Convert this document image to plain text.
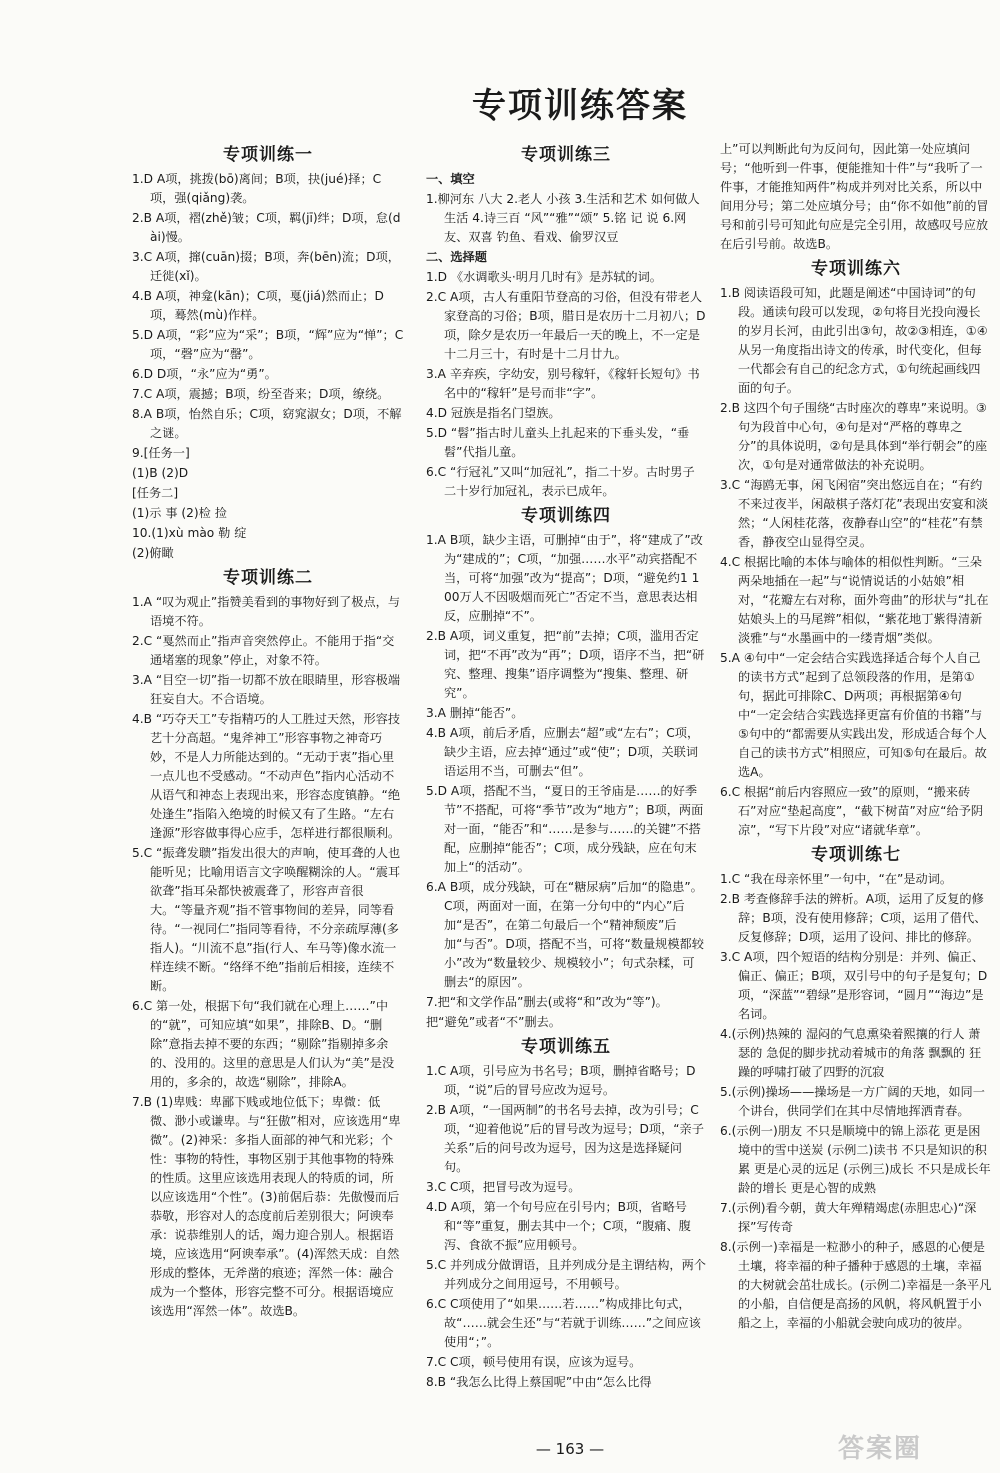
专项训练答案
专项训练一
1.D A项，挑拨(bō)离间；B项，抉(jué)择；C项，强(qiǎng)袭。
2.B A项，褶(zhě)皱；C项，羁(jī)绊；D项，怠(dài)慢。
3.C A项，撺(cuān)掇；B项，奔(bēn)流；D项，迁徙(xǐ)。
4.B A项，神龛(kān)；C项，戛(jiá)然而止；D项，蓦然(mù)作样。
5.D A项，“彩”应为“采”；B项，“辉”应为“惮”；C项，“磬”应为“罄”。
6.D D项，“永”应为“勇”。
7.C A项，震撼；B项，纷至沓来；D项，缭绕。
8.A B项，怡然自乐；C项，窈窕淑女；D项，不解之谜。
9.[任务一]
(1)B (2)D
[任务二]
(1)示 事 (2)检 捡
10.(1)xù mào 勒 绽
(2)俯瞰
专项训练二
1.A “叹为观止”指赞美看到的事物好到了极点，与语境不符。
2.C “戛然而止”指声音突然停止。不能用于指“交通堵塞的现象”停止，对象不符。
3.A “目空一切”指一切都不放在眼睛里，形容极端狂妄自大。不合语境。
4.B “巧夺天工”专指精巧的人工胜过天然，形容技艺十分高超。“鬼斧神工”形容事物之神奇巧妙，不是人力所能达到的。“无动于衷”指心里一点儿也不受感动。“不动声色”指内心活动不从语气和神态上表现出来，形容态度镇静。“绝处逢生”指陷入绝境的时候又有了生路。“左右逢源”形容做事得心应手，怎样进行都很顺利。
5.C “振聋发聩”指发出很大的声响，使耳聋的人也能听见；比喻用语言文字唤醒糊涂的人。“震耳欲聋”指耳朵都快被震聋了，形容声音很大。“等量齐观”指不管事物间的差异，同等看待。“一视同仁”指同等看待，不分亲疏厚薄(多指人)。“川流不息”指(行人、车马等)像水流一样连续不断。“络绎不绝”指前后相接，连续不断。
6.C 第一处，根据下句“我们就在心理上……”中的“就”，可知应填“如果”，排除B、D。“删除”意指去掉不要的东西；“剔除”指剔掉多余的、没用的。这里的意思是人们认为“美”是没用的，多余的，故选“剔除”，排除A。
7.B (1)卑贱：卑鄙下贱或地位低下；卑微：低微、渺小或谦卑。与“狂傲”相对，应该选用“卑微”。(2)神采：多指人面部的神气和光彩；个性：事物的特性，事物区别于其他事物的特殊的性质。这里应该选用表现人的特质的词，所以应该选用“个性”。(3)前倨后恭：先傲慢而后恭敬，形容对人的态度前后差别很大；阿谀奉承：说恭维别人的话，竭力迎合别人。根据语境，应该选用“阿谀奉承”。(4)浑然天成：自然形成的整体，无斧凿的痕迹；浑然一体：融合成为一个整体，形容完整不可分。根据语境应该选用“浑然一体”。故选B。
专项训练三
一、填空
1.柳河东 八大 2.老人 小孩 3.生活和艺术 如何做人 生活 4.诗三百 “风”“雅”“颂” 5.铭 记 说 6.网友、双喜 钓鱼、看戏、偷罗汉豆
二、选择题
1.D 《水调歌头·明月几时有》是苏轼的词。
2.C A项，古人有重阳节登高的习俗，但没有带老人家登高的习俗；B项，腊日是农历十二月初八；D项，除夕是农历一年最后一天的晚上，不一定是十二月三十，有时是十二月廿九。
3.A 辛弃疾，字幼安，别号稼轩，《稼轩长短句》书名中的“稼轩”是号而非“字”。
4.D 冠族是指名门望族。
5.D “髫”指古时儿童头上扎起来的下垂头发，“垂髫”代指儿童。
6.C “行冠礼”又叫“加冠礼”，指二十岁。古时男子二十岁行加冠礼，表示已成年。
专项训练四
1.A B项，缺少主语，可删掉“由于”，将“建成了”改为“建成的”；C项，“加强……水平”动宾搭配不当，可将“加强”改为“提高”；D项，“避免约1 100万人不因吸烟而死亡”否定不当，意思表达相反，应删掉“不”。
2.B A项，词义重复，把“前”去掉；C项，滥用否定词，把“不再”改为“再”；D项，语序不当，把“研究、整理、搜集”语序调整为“搜集、整理、研究”。
3.A 删掉“能否”。
4.B A项，前后矛盾，应删去“超”或“左右”；C项，缺少主语，应去掉“通过”或“使”；D项，关联词语运用不当，可删去“但”。
5.D A项，搭配不当，“夏日的王爷庙是……的好季节”不搭配，可将“季节”改为“地方”；B项，两面对一面，“能否”和“……是参与……的关键”不搭配，应删掉“能否”；C项，成分残缺，应在句末加上“的活动”。
6.A B项，成分残缺，可在“糖尿病”后加“的隐患”。C项，两面对一面，在第一分句中的“内心”后加“是否”，在第二句最后一个“精神颓废”后加“与否”。D项，搭配不当，可将“数量规模都较小”改为“数量较少、规模较小”；句式杂糅，可删去“的原因”。
7.把“和文学作品”删去(或将“和”改为“等”)。
把“避免”或者“不”删去。
专项训练五
1.C A项，引号应为书名号；B项，删掉省略号；D项，“说”后的冒号应改为逗号。
2.B A项，“一国两制”的书名号去掉，改为引号；C项，“迎着他说”后的冒号改为逗号；D项，“亲子关系”后的问号改为逗号，因为这是选择疑问句。
3.C C项，把冒号改为逗号。
4.D A项，第一个句号应在引号内；B项，省略号和“等”重复，删去其中一个；C项，“腹痛、腹泻、食欲不振”应用顿号。
5.C 并列成分做谓语，且并列成分是主谓结构，两个并列成分之间用逗号，不用顿号。
6.C C项使用了“如果……若……”构成排比句式，故“……就会生还”与“若就于训练……”之间应该使用“；”。
7.C C项，顿号使用有误，应该为逗号。
8.B “我怎么比得上蔡国呢”中由“怎么比得
上”可以判断此句为反问句，因此第一处应填问号；“他听到一件事，便能推知十件”与“我听了一件事，才能推知两件”构成并列对比关系，所以中间用分号；第二处应填分号；由“你不如他”前的冒号和前引号可知此句应是完全引用，故感叹号应放在后引号前。故选B。
专项训练六
1.B 阅读语段可知，此题是阐述“中国诗词”的句段。通读句段可以发现，②句将目光投向漫长的岁月长河，由此引出③句，故②③相连，①④从另一角度指出诗文的传承，时代变化，但每一代都会有自己的纪念方式，①句统起画线四面的句子。
2.B 这四个句子围绕“古时座次的尊卑”来说明。③句为段首中心句，④句是对“严格的尊卑之分”的具体说明，②句是具体到“举行朝会”的座次，①句是对通常做法的补充说明。
3.C “海鸥无事，闲飞闲宿”突出悠远自在；“有约不来过夜半，闲敲棋子落灯花”表现出安宴和淡然；“人闲桂花落，夜静春山空”的“桂花”有禁香，静夜空山显得空灵。
4.C 根据比喻的本体与喻体的相似性判断。“三朵两朵地插在一起”与“说情说话的小姑娘”相对，“花瓣左右对称，面外弯曲”的形状与“扎在姑娘头上的马尾辫”相似，“紫花地丁紫得清新淡雅”与“水墨画中的一缕青烟”类似。
5.A ④句中“一定会结合实践选择适合每个人自己的读书方式”起到了总领段落的作用，是第①句，据此可排除C、D两项；再根据第④句中“一定会结合实践选择更富有价值的书籍”与⑤句中的“都需要从实践出发，形成适合每个人自己的读书方式”相照应，可知⑤句在最后。故选A。
6.C 根据“前后内容照应一致”的原则，“搬来砖石”对应“垫起高度”，“截下树苗”对应“给予阴凉”，“写下片段”对应“诸就华章”。
专项训练七
1.C “我在母亲怀里”一句中，“在”是动词。
2.B 考查修辞手法的辨析。A项，运用了反复的修辞；B项，没有使用修辞；C项，运用了借代、反复修辞；D项，运用了设问、排比的修辞。
3.C A项，四个短语的结构分别是：并列、偏正、偏正、偏正；B项，双引号中的句子是复句；D项，“深蓝”“碧绿”是形容词，“圆月”“海边”是名词。
4.(示例)热辣的 湿闷的气息熏染着熙攘的行人 萧瑟的 急促的脚步扰动着城市的角落 飘飘的 狂躁的呼啸打破了四野的沉寂
5.(示例)操场——操场是一方广阔的天地，如同一个讲台，供同学们在其中尽情地挥洒青春。
6.(示例一)朋友 不只是顺境中的锦上添花 更是困境中的雪中送炭 (示例二)读书 不只是知识的积累 更是心灵的远足 (示例三)成长 不只是成长年龄的增长 更是心智的成熟
7.(示例)看今朝，黄大年殚精竭虑(赤胆忠心)“深探”写传奇
8.(示例一)幸福是一粒渺小的种子，感恩的心便是土壤，将幸福的种子播种于感恩的土壤，幸福的大树就会茁壮成长。(示例二)幸福是一条平凡的小船，自信便是高扬的风帆，将风帆置于小船之上，幸福的小船就会驶向成功的彼岸。
— 163 —	答案圈
